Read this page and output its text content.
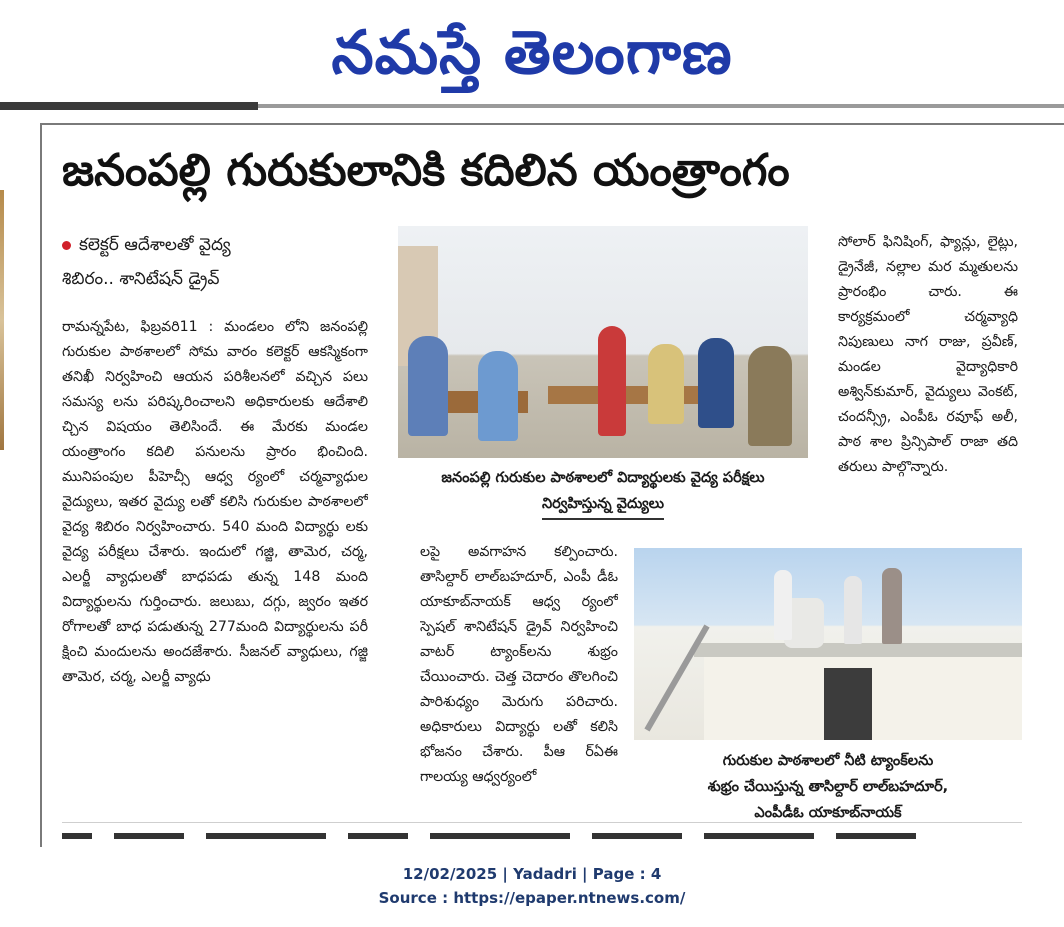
నమస్తే తెలంగాణ
జనంపల్లి గురుకులానికి కదిలిన యంత్రాంగం
కలెక్టర్ ఆదేశాలతో వైద్య
శిబిరం.. శానిటేషన్ డ్రైవ్

రామన్నపేట, ఫిబ్రవరి11 : మండలం లోని జనంపల్లి గురుకుల పాఠశాలలో సోమ వారం కలెక్టర్ ఆకస్మికంగా తనిఖీ నిర్వహించి ఆయన పరిశీలనలో వచ్చిన పలు సమస్య లను పరిష్కరించాలని అధికారులకు ఆదేశాలి చ్చిన విషయం తెలిసిందే. ఈ మేరకు మండల యంత్రాంగం కదిలి పనులను ప్రారం భించింది. మునిపంపుల పీహెచ్సీ ఆధ్వ ర్యంలో చర్మవ్యాధుల వైద్యులు, ఇతర వైద్యు లతో కలిసి గురుకుల పాఠశాలలో వైద్య శిబిరం నిర్వహించారు. 540 మంది విద్యార్థు లకు వైద్య పరీక్షలు చేశారు. ఇందులో గజ్జి, తామెర, చర్మ, ఎలర్జీ వ్యాధులతో బాధపడు తున్న 148 మంది విద్యార్థులను గుర్తించారు. జలుబు, దగ్గు, జ్వరం ఇతర రోగాలతో బాధ పడుతున్న 277మంది విద్యార్థులను పరీ క్షించి మందులను అందజేశారు. సీజనల్ వ్యాధులు, గజ్జి తామెర, చర్మ, ఎలర్జీ వ్యాధు

జనంపల్లి గురుకుల పాఠశాలలో విద్యార్థులకు వైద్య పరీక్షలు
నిర్వహిస్తున్న వైద్యులు

సోలార్ ఫినిషింగ్, ఫ్యాన్లు, లైట్లు, డ్రైనేజీ, నల్లాల మర మ్మతులను ప్రారంభిం చారు. ఈ కార్యక్రమంలో చర్మవ్యాధి నిపుణులు నాగ రాజు, ప్రవీణ్, మండల వైద్యాధికారి అశ్విన్‌కుమార్, వైద్యులు వెంకట్, చందన్స్రీ, ఎంపీఓ రవూఫ్ అలీ, పాఠ శాల ప్రిన్సిపాల్ రాజా తది తరులు పాల్గొన్నారు.

లపై అవగాహన కల్పించారు. తాసిల్దార్ లాల్‌బహదూర్, ఎంపీ డీఓ యాకూబ్‌నాయక్ ఆధ్వ ర్యంలో స్పెషల్ శానిటేషన్ డ్రైవ్ నిర్వహించి వాటర్ ట్యాంక్‌లను శుభ్రం చేయించారు. చెత్త చెదారం తొలగించి పారిశుధ్యం మెరుగు పరిచారు. అధికారులు విద్యార్థు లతో కలిసి భోజనం చేశారు. పీఆ ర్ఏఈ గాలయ్య ఆధ్వర్యంలో

గురుకుల పాఠశాలలో నీటి ట్యాంక్‌లను
శుభ్రం చేయిస్తున్న తాసిల్దార్ లాల్‌బహదూర్,
ఎంపీడీఓ యాకూబ్‌నాయక్
12/02/2025 | Yadadri | Page : 4
Source : https://epaper.ntnews.com/
